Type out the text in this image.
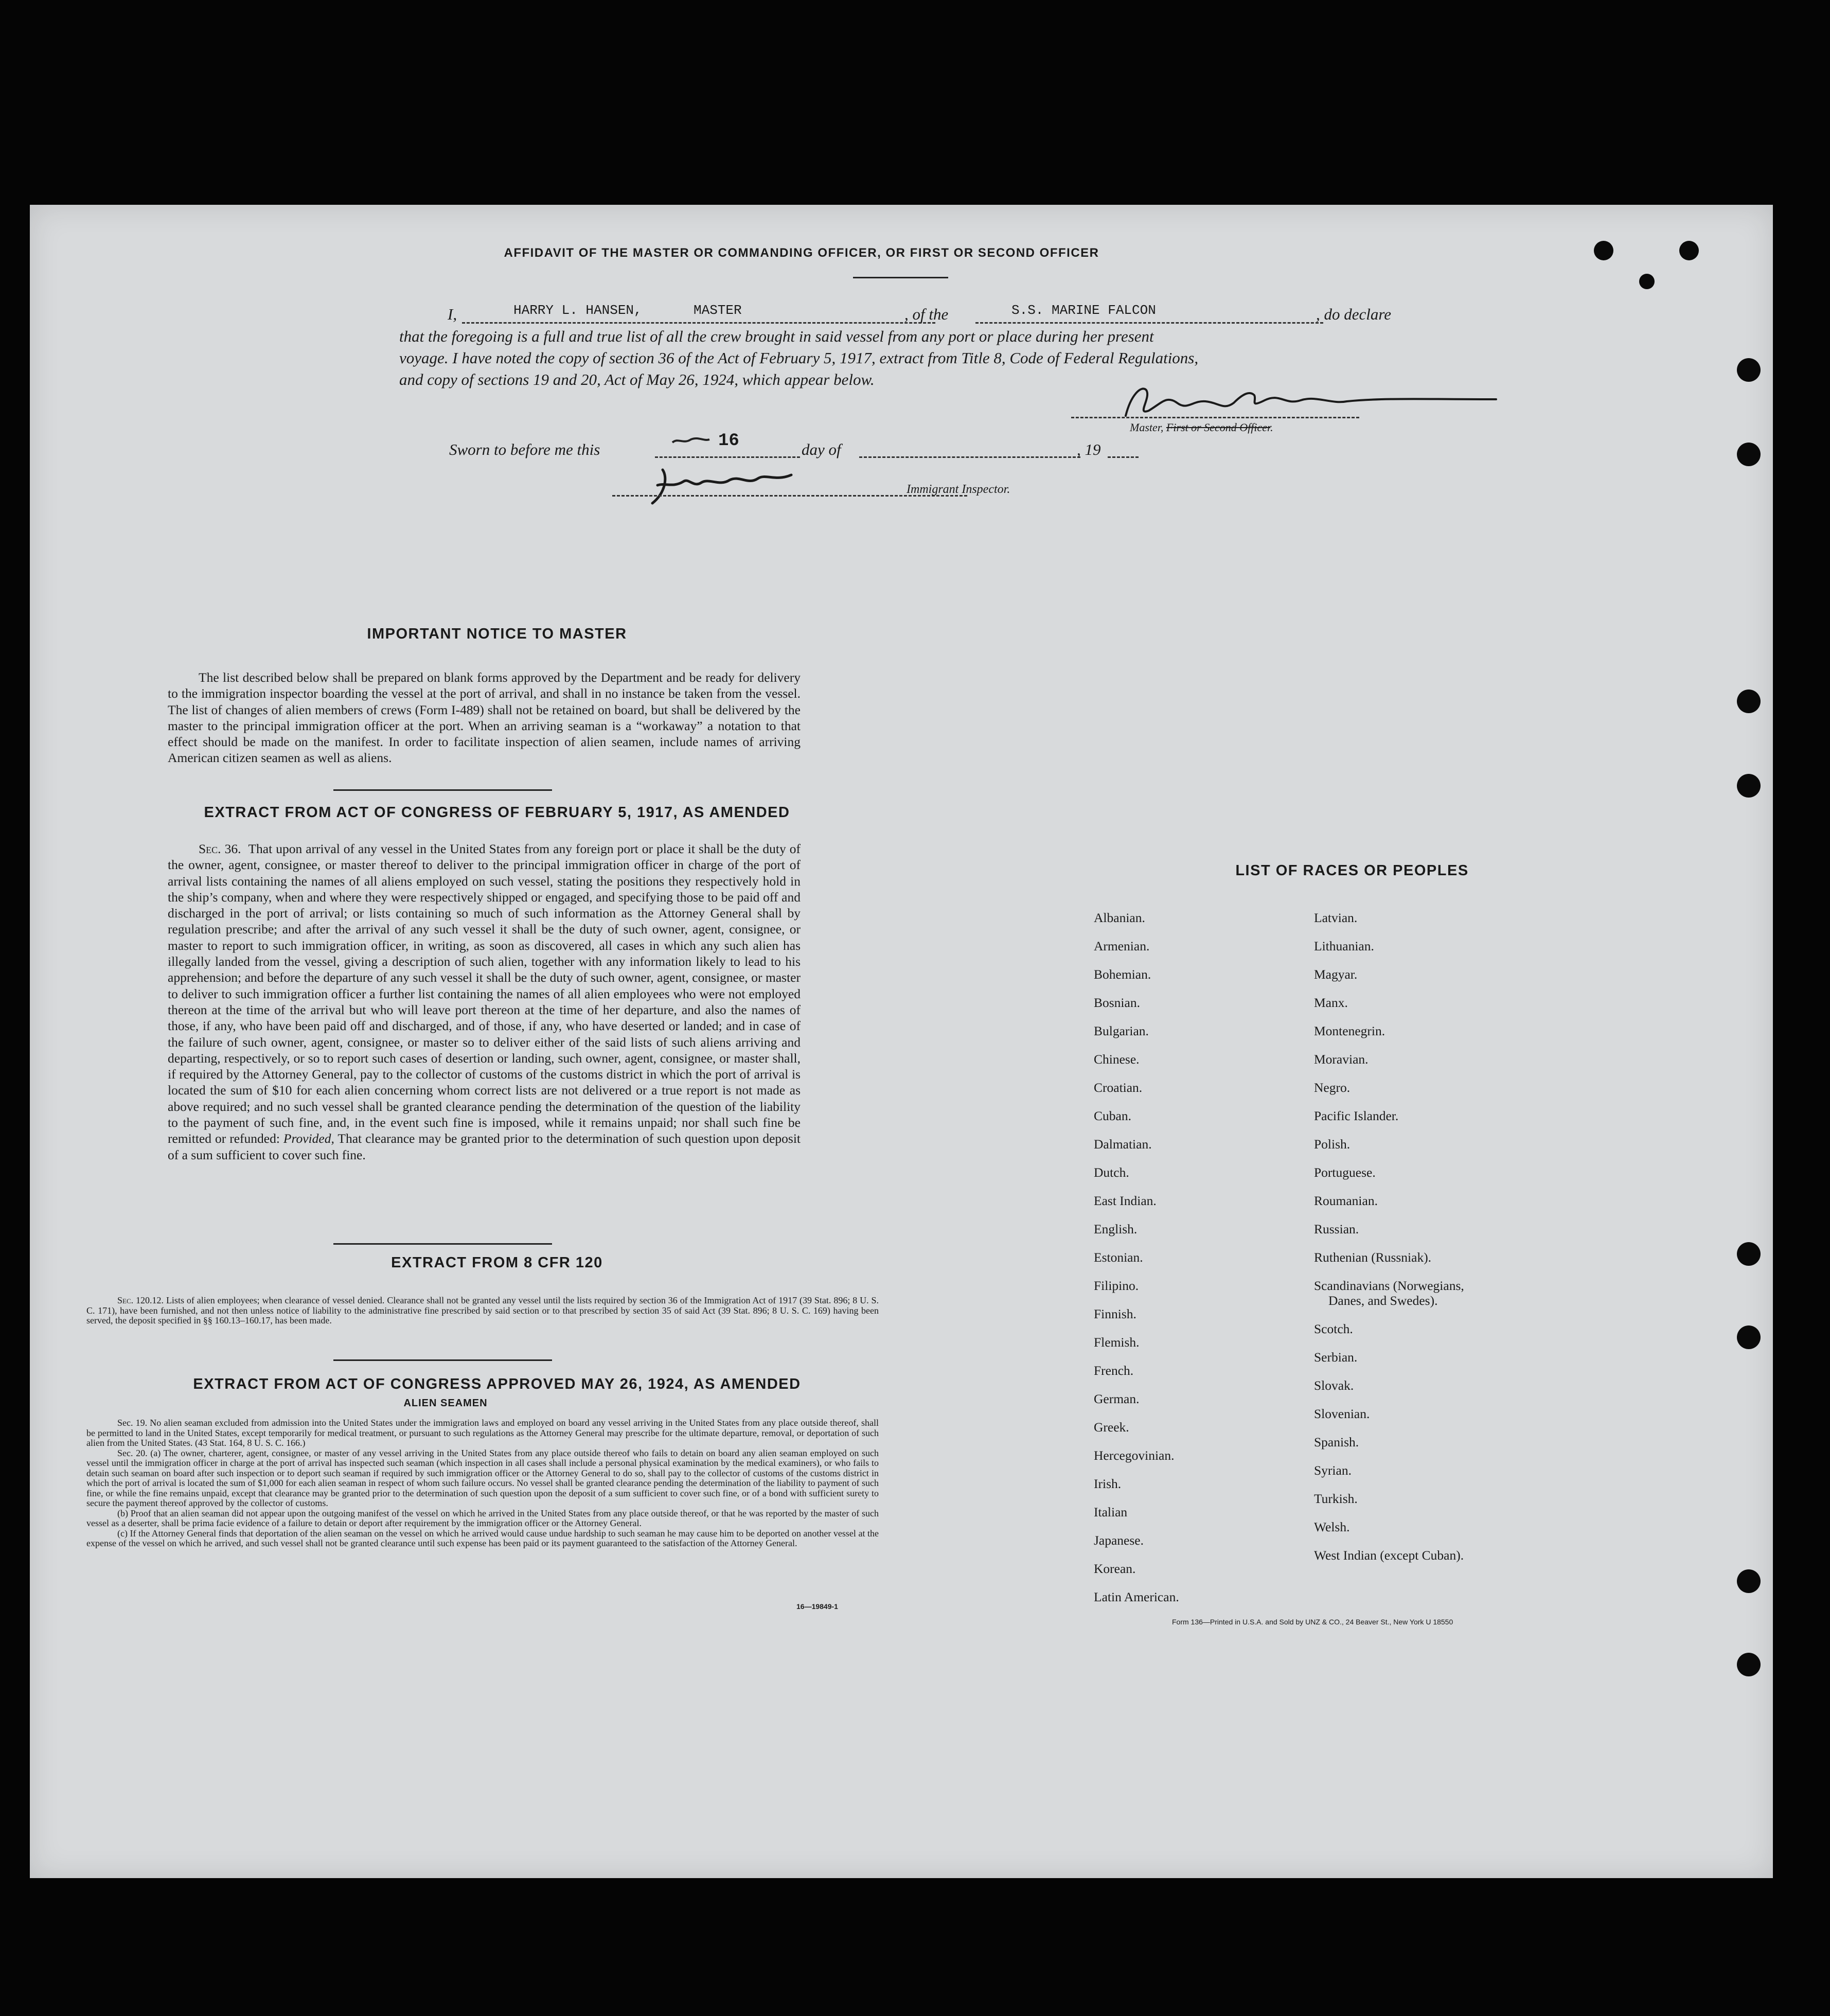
AFFIDAVIT OF THE MASTER OR COMMANDING OFFICER, OR FIRST OR SECOND OFFICER
I,	HARRY L. HANSEN,	MASTER	, of the	S.S. MARINE FALCON	, do declare
that the foregoing is a full and true list of all the crew brought in said vessel from any port or place during her present
voyage. I have noted the copy of section 36 of the Act of February 5, 1917, extract from Title 8, Code of Federal Regulations,
and copy of sections 19 and 20, Act of May 26, 1924, which appear below.
Master, First or Second Officer.
Sworn to before me this	16	day of	, 19
Immigrant Inspector.
IMPORTANT NOTICE TO MASTER
The list described below shall be prepared on blank forms approved by the Department and be ready for delivery to the immigration inspector boarding the vessel at the port of arrival, and shall in no instance be taken from the vessel. The list of changes of alien members of crews (Form I-489) shall not be retained on board, but shall be delivered by the master to the principal immigration officer at the port. When an arriving seaman is a “workaway” a notation to that effect should be made on the manifest. In order to facilitate inspection of alien seamen, include names of arriving American citizen seamen as well as aliens.
EXTRACT FROM ACT OF CONGRESS OF FEBRUARY 5, 1917, AS AMENDED
Sec. 36. That upon arrival of any vessel in the United States from any foreign port or place it shall be the duty of the owner, agent, consignee, or master thereof to deliver to the principal immigration officer in charge of the port of arrival lists containing the names of all aliens employed on such vessel, stating the positions they respectively hold in the ship’s company, when and where they were respectively shipped or engaged, and specifying those to be paid off and discharged in the port of arrival; or lists containing so much of such information as the Attorney General shall by regulation prescribe; and after the arrival of any such vessel it shall be the duty of such owner, agent, consignee, or master to report to such immigration officer, in writing, as soon as discovered, all cases in which any such alien has illegally landed from the vessel, giving a description of such alien, together with any information likely to lead to his apprehension; and before the departure of any such vessel it shall be the duty of such owner, agent, consignee, or master to deliver to such immigration officer a further list containing the names of all alien employees who were not employed thereon at the time of the arrival but who will leave port thereon at the time of her departure, and also the names of those, if any, who have been paid off and discharged, and of those, if any, who have deserted or landed; and in case of the failure of such owner, agent, consignee, or master so to deliver either of the said lists of such aliens arriving and departing, respectively, or so to report such cases of desertion or landing, such owner, agent, consignee, or master shall, if required by the Attorney General, pay to the collector of customs of the customs district in which the port of arrival is located the sum of $10 for each alien concerning whom correct lists are not delivered or a true report is not made as above required; and no such vessel shall be granted clearance pending the determination of the question of the liability to the payment of such fine, and, in the event such fine is imposed, while it remains unpaid; nor shall such fine be remitted or refunded: Provided, That clearance may be granted prior to the determination of such question upon deposit of a sum sufficient to cover such fine.
EXTRACT FROM 8 CFR 120
Sec. 120.12. Lists of alien employees; when clearance of vessel denied. Clearance shall not be granted any vessel until the lists required by section 36 of the Immigration Act of 1917 (39 Stat. 896; 8 U. S. C. 171), have been furnished, and not then unless notice of liability to the administrative fine prescribed by said section or to that prescribed by section 35 of said Act (39 Stat. 896; 8 U. S. C. 169) having been served, the deposit specified in §§ 160.13–160.17, has been made.
EXTRACT FROM ACT OF CONGRESS APPROVED MAY 26, 1924, AS AMENDED
ALIEN SEAMEN
Sec. 19. No alien seaman excluded from admission into the United States under the immigration laws and employed on board any vessel arriving in the United States from any place outside thereof, shall be permitted to land in the United States, except temporarily for medical treatment, or pursuant to such regulations as the Attorney General may prescribe for the ultimate departure, removal, or deportation of such alien from the United States. (43 Stat. 164, 8 U. S. C. 166.)
Sec. 20. (a) The owner, charterer, agent, consignee, or master of any vessel arriving in the United States from any place outside thereof who fails to detain on board any alien seaman employed on such vessel until the immigration officer in charge at the port of arrival has inspected such seaman (which inspection in all cases shall include a personal physical examination by the medical examiners), or who fails to detain such seaman on board after such inspection or to deport such seaman if required by such immigration officer or the Attorney General to do so, shall pay to the collector of customs of the customs district in which the port of arrival is located the sum of $1,000 for each alien seaman in respect of whom such failure occurs. No vessel shall be granted clearance pending the determination of the liability to payment of such fine, or while the fine remains unpaid, except that clearance may be granted prior to the determination of such question upon the deposit of a sum sufficient to cover such fine, or of a bond with sufficient surety to secure the payment thereof approved by the collector of customs.
(b) Proof that an alien seaman did not appear upon the outgoing manifest of the vessel on which he arrived in the United States from any place outside thereof, or that he was reported by the master of such vessel as a deserter, shall be prima facie evidence of a failure to detain or deport after requirement by the immigration officer or the Attorney General.
(c) If the Attorney General finds that deportation of the alien seaman on the vessel on which he arrived would cause undue hardship to such seaman he may cause him to be deported on another vessel at the expense of the vessel on which he arrived, and such vessel shall not be granted clearance until such expense has been paid or its payment guaranteed to the satisfaction of the Attorney General.
16—19849-1
LIST OF RACES OR PEOPLES
Albanian.
Armenian.
Bohemian.
Bosnian.
Bulgarian.
Chinese.
Croatian.
Cuban.
Dalmatian.
Dutch.
East Indian.
English.
Estonian.
Filipino.
Finnish.
Flemish.
French.
German.
Greek.
Hercegovinian.
Irish.
Italian
Japanese.
Korean.
Latin American.
Latvian.
Lithuanian.
Magyar.
Manx.
Montenegrin.
Moravian.
Negro.
Pacific Islander.
Polish.
Portuguese.
Roumanian.
Russian.
Ruthenian (Russniak).
Scandinavians (Norwegians,
Danes, and Swedes).
Scotch.
Serbian.
Slovak.
Slovenian.
Spanish.
Syrian.
Turkish.
Welsh.
West Indian (except Cuban).
Form 136—Printed in U.S.A. and Sold by UNZ & CO., 24 Beaver St., New York U 18550
